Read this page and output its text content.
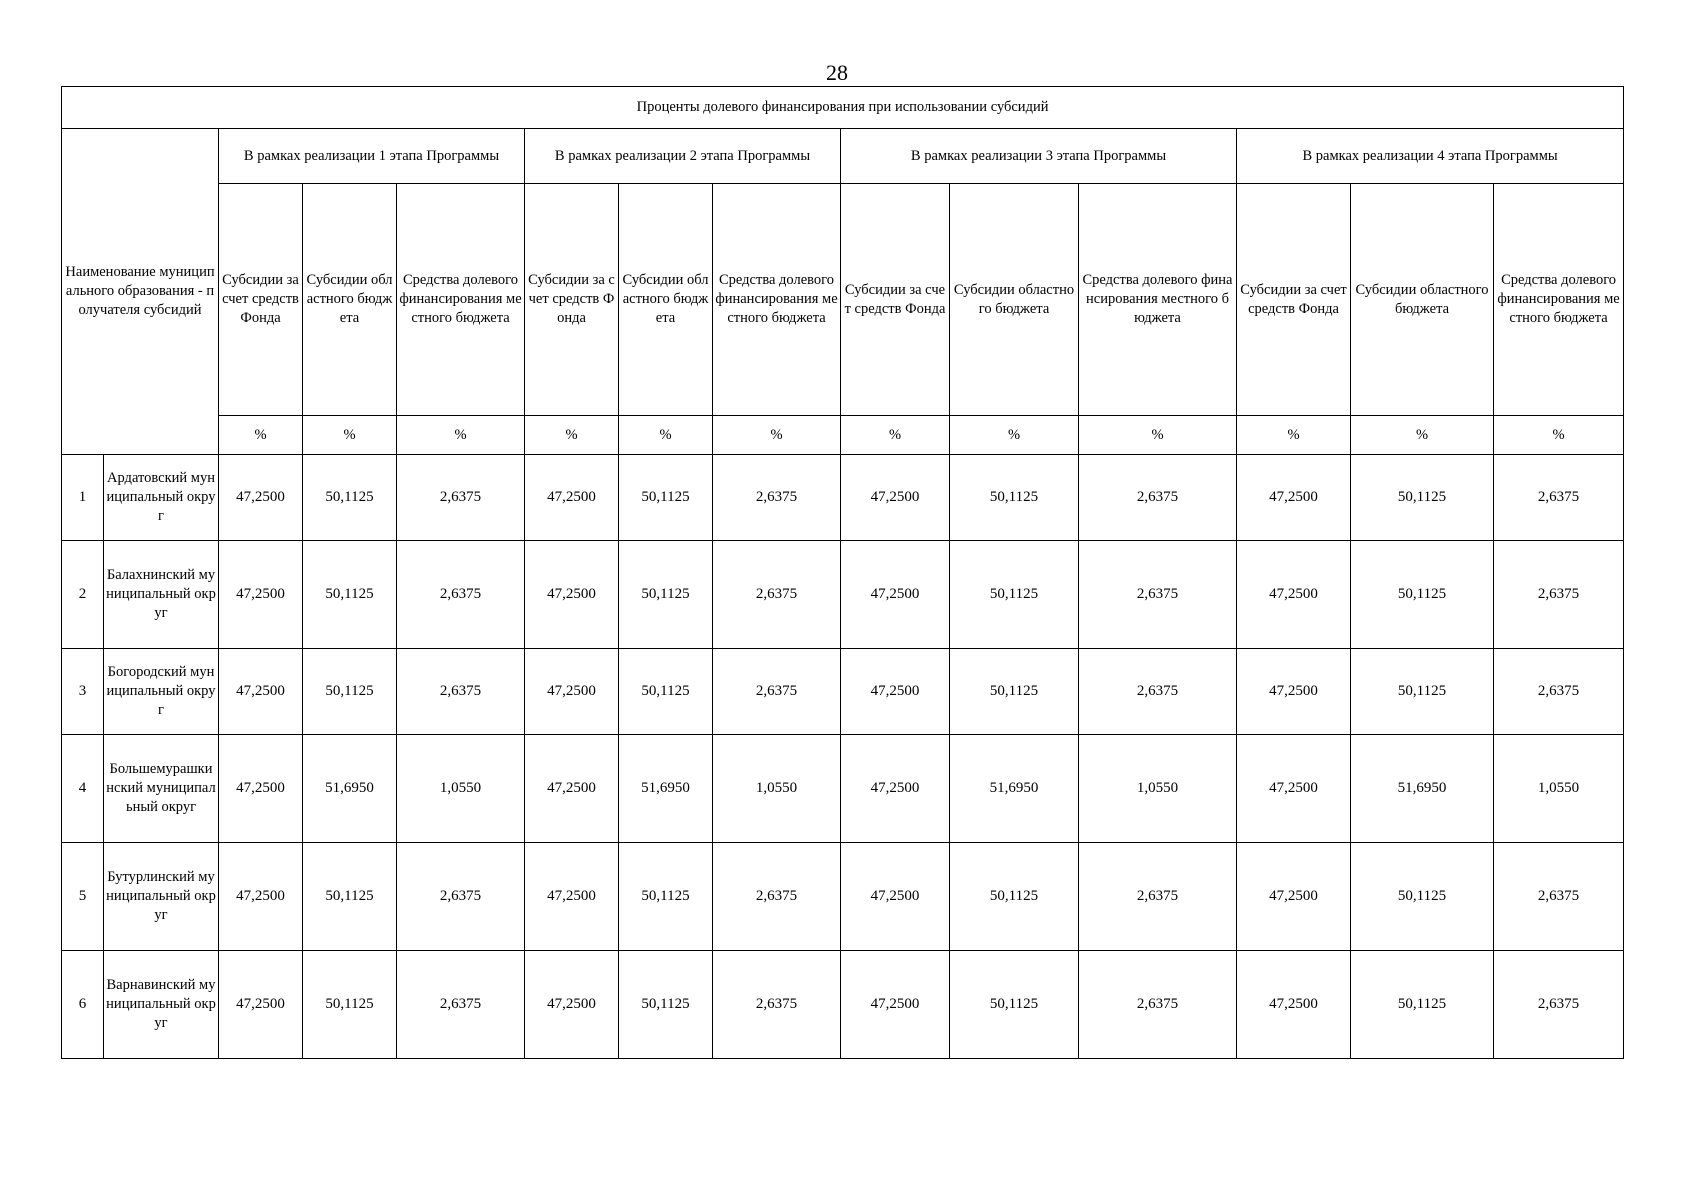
28
Проценты долевого финансирования при использовании субсидий													
Наименование муниципального образования - получателя субсидий		В рамках реализации 1 этапа Программы			В рамках реализации 2 этапа Программы			В рамках реализации 3 этапа Программы			В рамках реализации 4 этапа Программы		
		Субсидии за счет средств Фонда	Субсидии областного бюджета	Средства долевого финансирования местного бюджета	Субсидии за счет средств Фонда	Субсидии областного бюджета	Средства долевого финансирования местного бюджета	Субсидии за счет средств Фонда	Субсидии областного бюджета	Средства долевого финансирования местного бюджета	Субсидии за счет средств Фонда	Субсидии областного бюджета	Средства долевого финансирования местного бюджета
		%	%	%	%	%	%	%	%	%	%	%	%
1	Ардатовский муниципальный округ	47,2500	50,1125	2,6375	47,2500	50,1125	2,6375	47,2500	50,1125	2,6375	47,2500	50,1125	2,6375
2	Балахнинский муниципальный округ	47,2500	50,1125	2,6375	47,2500	50,1125	2,6375	47,2500	50,1125	2,6375	47,2500	50,1125	2,6375
3	Богородский муниципальный округ	47,2500	50,1125	2,6375	47,2500	50,1125	2,6375	47,2500	50,1125	2,6375	47,2500	50,1125	2,6375
4	Большемурашкинский муниципальный округ	47,2500	51,6950	1,0550	47,2500	51,6950	1,0550	47,2500	51,6950	1,0550	47,2500	51,6950	1,0550
5	Бутурлинский муниципальный округ	47,2500	50,1125	2,6375	47,2500	50,1125	2,6375	47,2500	50,1125	2,6375	47,2500	50,1125	2,6375
6	Варнавинский муниципальный округ	47,2500	50,1125	2,6375	47,2500	50,1125	2,6375	47,2500	50,1125	2,6375	47,2500	50,1125	2,6375
